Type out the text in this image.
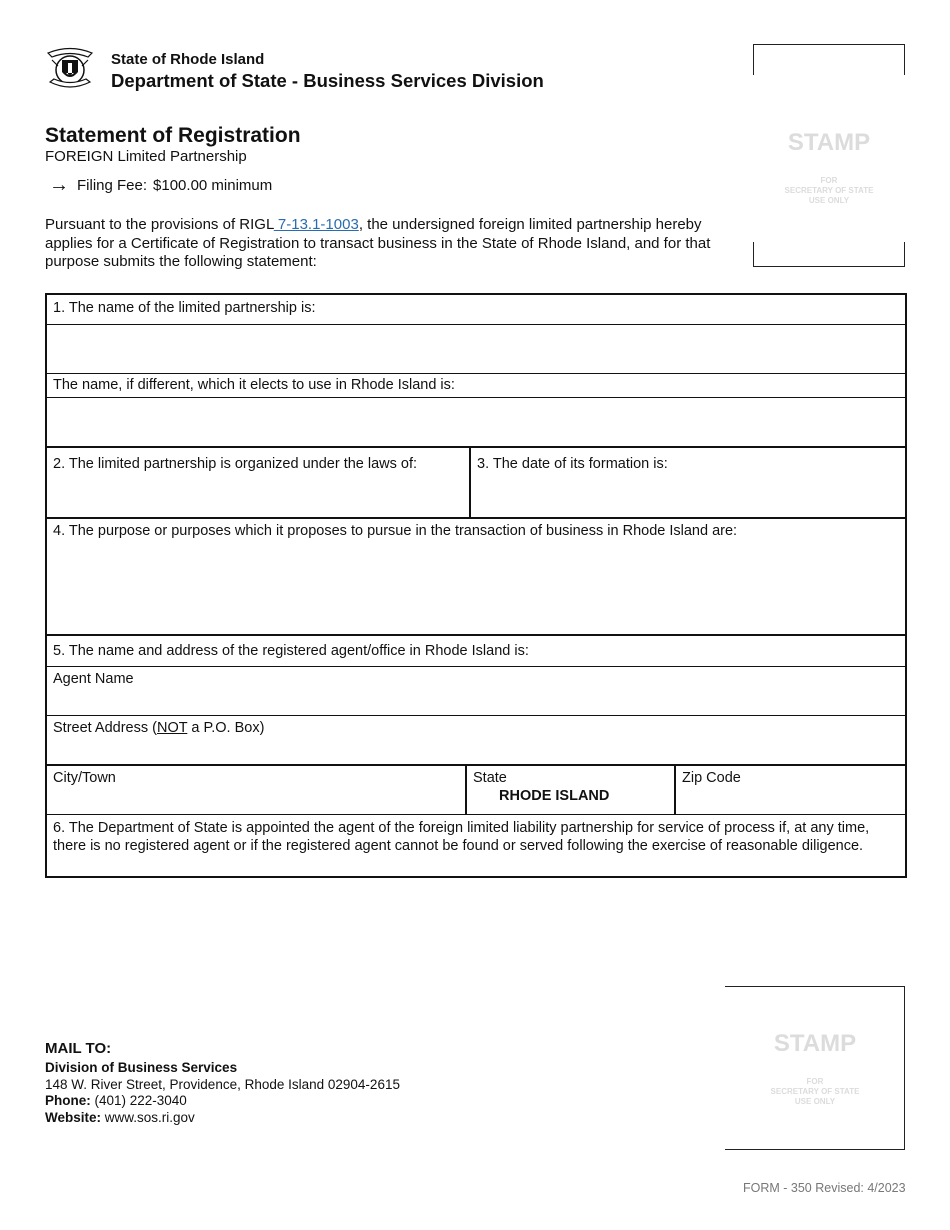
State of Rhode Island
Department of State - Business Services Division
Statement of Registration
FOREIGN Limited Partnership
→ Filing Fee: $100.00 minimum
Pursuant to the provisions of RIGL 7-13.1-1003, the undersigned foreign limited partnership hereby applies for a Certificate of Registration to transact business in the State of Rhode Island, and for that purpose submits the following statement:
STAMP
FOR
SECRETARY OF STATE
USE ONLY
1. The name of the limited partnership is:
The name, if different, which it elects to use in Rhode Island is:
2. The limited partnership is organized under the laws of:	3. The date of its formation is:
4. The purpose or purposes which it proposes to pursue in the transaction of business in Rhode Island are:
5. The name and address of the registered agent/office in Rhode Island is:
Agent Name
Street Address (NOT a P.O. Box)
City/Town	State
RHODE ISLAND
Zip Code
6. The Department of State is appointed the agent of the foreign limited liability partnership for service of process if, at any time, there is no registered agent or if the registered agent cannot be found or served following the exercise of reasonable diligence.
MAIL TO:
Division of Business Services
148 W. River Street, Providence, Rhode Island 02904-2615
Phone: (401) 222-3040
Website: www.sos.ri.gov
STAMP
FOR
SECRETARY OF STATE
USE ONLY
FORM - 350 Revised: 4/2023
